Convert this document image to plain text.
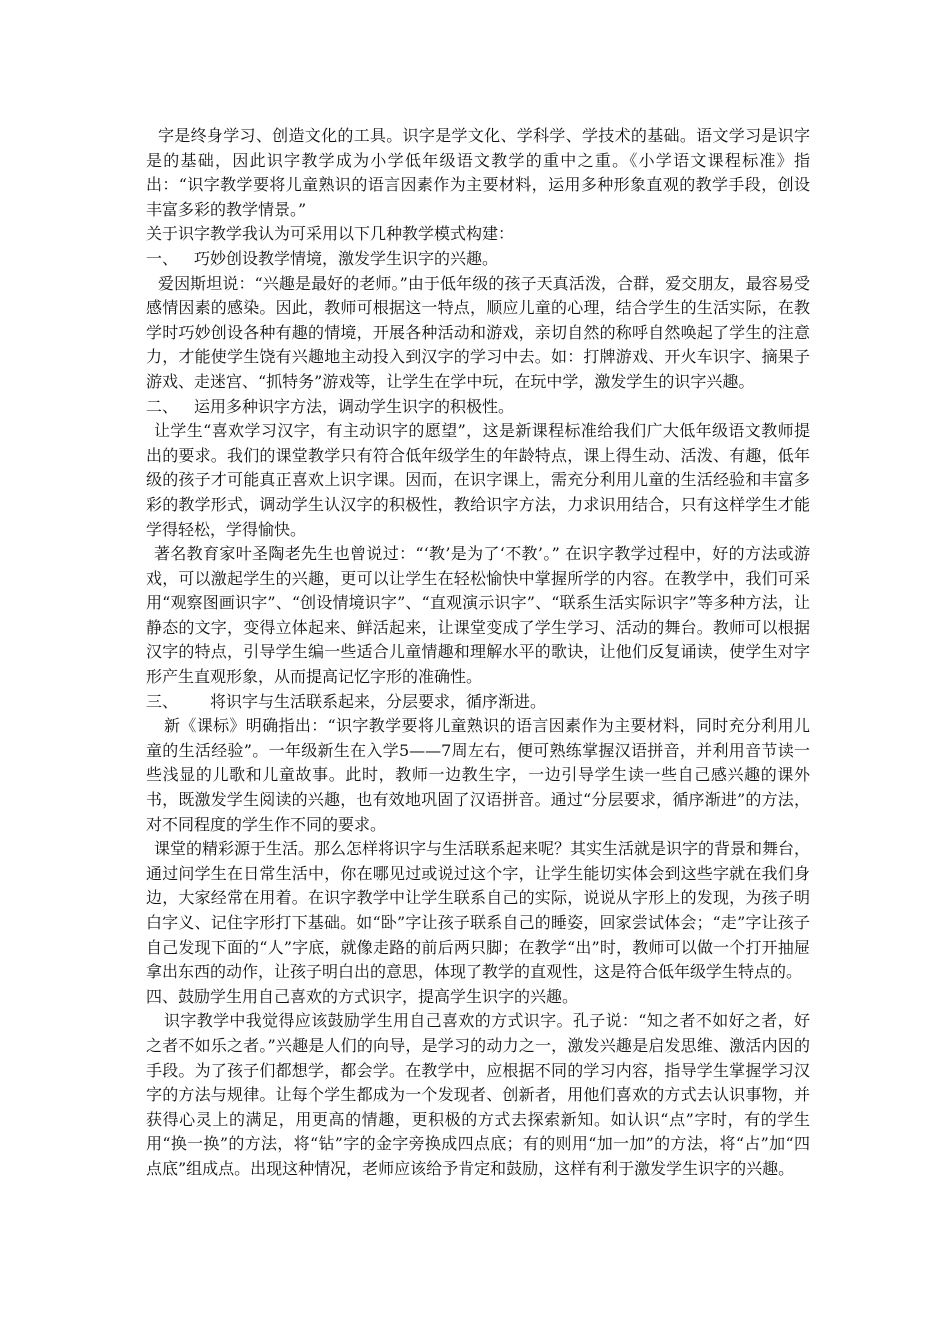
字是终身学习、创造文化的工具。识字是学文化、学科学、学技术的基础。语文学习是识字是的基础，因此识字教学成为小学低年级语文教学的重中之重。《小学语文课程标准》指出：“识字教学要将儿童熟识的语言因素作为主要材料，运用多种形象直观的教学手段，创设丰富多彩的教学情景。”

关于识字教学我认为可采用以下几种教学模式构建：

一、 巧妙创设教学情境，激发学生识字的兴趣。

爱因斯坦说：“兴趣是最好的老师。”由于低年级的孩子天真活泼，合群，爱交朋友，最容易受感情因素的感染。因此，教师可根据这一特点，顺应儿童的心理，结合学生的生活实际，在教学时巧妙创设各种有趣的情境，开展各种活动和游戏，亲切自然的称呼自然唤起了学生的注意力，才能使学生饶有兴趣地主动投入到汉字的学习中去。如：打牌游戏、开火车识字、摘果子游戏、走迷宫、“抓特务”游戏等，让学生在学中玩，在玩中学，激发学生的识字兴趣。

二、 运用多种识字方法，调动学生识字的积极性。

让学生“喜欢学习汉字，有主动识字的愿望”，这是新课程标准给我们广大低年级语文教师提出的要求。我们的课堂教学只有符合低年级学生的年龄特点，课上得生动、活泼、有趣，低年级的孩子才可能真正喜欢上识字课。因而，在识字课上，需充分利用儿童的生活经验和丰富多彩的教学形式，调动学生认汉字的积极性，教给识字方法，力求识用结合，只有这样学生才能学得轻松，学得愉快。

著名教育家叶圣陶老先生也曾说过：“‘教’是为了‘不教’。” 在识字教学过程中，好的方法或游戏，可以激起学生的兴趣，更可以让学生在轻松愉快中掌握所学的内容。在教学中，我们可采用“观察图画识字”、“创设情境识字”、“直观演示识字”、“联系生活实际识字”等多种方法，让静态的文字，变得立体起来、鲜活起来，让课堂变成了学生学习、活动的舞台。教师可以根据汉字的特点，引导学生编一些适合儿童情趣和理解水平的歌诀，让他们反复诵读，使学生对字形产生直观形象，从而提高记忆字形的准确性。

三、 将识字与生活联系起来，分层要求，循序渐进。

新《课标》明确指出：“识字教学要将儿童熟识的语言因素作为主要材料，同时充分利用儿童的生活经验”。一年级新生在入学5——7周左右，便可熟练掌握汉语拼音，并利用音节读一些浅显的儿歌和儿童故事。此时，教师一边教生字，一边引导学生读一些自己感兴趣的课外书，既激发学生阅读的兴趣，也有效地巩固了汉语拼音。通过“分层要求，循序渐进”的方法，对不同程度的学生作不同的要求。

课堂的精彩源于生活。那么怎样将识字与生活联系起来呢？其实生活就是识字的背景和舞台，通过问学生在日常生活中，你在哪见过或说过这个字，让学生能切实体会到这些字就在我们身边，大家经常在用着。在识字教学中让学生联系自己的实际，说说从字形上的发现，为孩子明白字义、记住字形打下基础。如“卧”字让孩子联系自己的睡姿，回家尝试体会；“走”字让孩子自己发现下面的“人”字底，就像走路的前后两只脚；在教学“出”时，教师可以做一个打开抽屉拿出东西的动作，让孩子明白出的意思，体现了教学的直观性，这是符合低年级学生特点的。

四、鼓励学生用自己喜欢的方式识字，提高学生识字的兴趣。

识字教学中我觉得应该鼓励学生用自己喜欢的方式识字。孔子说：“知之者不如好之者，好之者不如乐之者。”兴趣是人们的向导，是学习的动力之一，激发兴趣是启发思维、激活内因的手段。为了孩子们都想学，都会学。在教学中，应根据不同的学习内容，指导学生掌握学习汉字的方法与规律。让每个学生都成为一个发现者、创新者，用他们喜欢的方式去认识事物，并获得心灵上的满足，用更高的情趣，更积极的方式去探索新知。如认识“点”字时，有的学生用“换一换”的方法，将“钻”字的金字旁换成四点底；有的则用“加一加”的方法，将“占”加“四点底”组成点。出现这种情况，老师应该给予肯定和鼓励，这样有利于激发学生识字的兴趣。
